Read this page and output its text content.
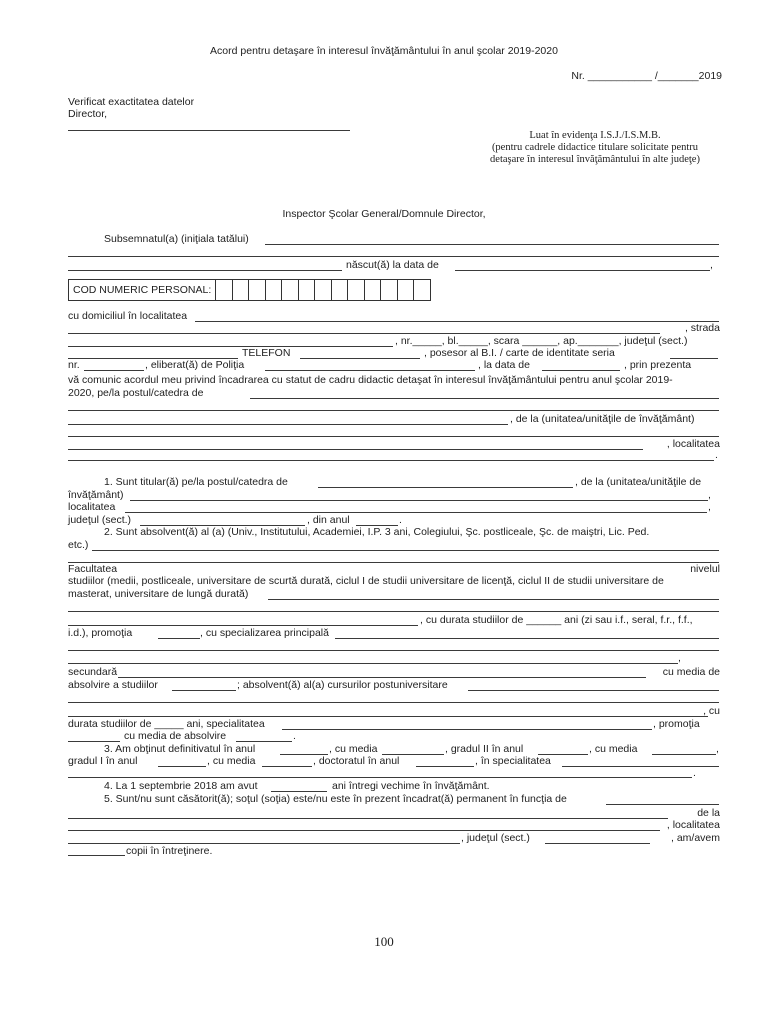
Acord pentru detaşare în interesul învăţământului în anul şcolar 2019-2020
Nr. ___________ /_______2019
Verificat exactitatea datelor
Director,
Luat în evidenţa I.S.J./I.S.M.B.
(pentru cadrele didactice titulare solicitate pentru
detaşare în interesul învăţământului în alte judeţe)
Inspector Şcolar General/Domnule Director,
Subsemnatul(a) (iniţiala tatălui)
născut(ă) la data de	,
COD NUMERIC PERSONAL:
cu domiciliul în localitatea
, strada
, nr._____, bl._____, scara ______, ap._______, judeţul (sect.)
TELEFON	, posesor al B.I. / carte de identitate seria
nr.	, eliberat(ă) de Poliţia	, la data de	, prin prezenta
vă comunic acordul meu privind încadrarea cu statut de cadru didactic detaşat în interesul învăţământului pentru anul şcolar 2019-
2020, pe/la postul/catedra de
, de la (unitatea/unităţile de învăţământ)
, localitatea
.
1. Sunt titular(ă) pe/la postul/catedra de	, de la (unitatea/unităţile de
învăţământ)	,
localitatea	,
judeţul (sect.)	, din anul	.
2. Sunt absolvent(ă) al (a) (Univ., Institutului, Academiei, I.P. 3 ani, Colegiului, Şc. postliceale, Şc. de maiştri, Lic. Ped.
etc.)
Facultatea	nivelul
studiilor (medii, postliceale, universitare de scurtă durată, ciclul I de studii universitare de licenţă, ciclul II de studii universitare de
masterat, universitare de lungă durată)
, cu durata studiilor de ______ ani (zi sau i.f., seral, f.r., f.f.,
i.d.), promoţia	, cu specializarea principală
,
secundară	cu media de
absolvire a studiilor	; absolvent(ă) al(a) cursurilor postuniversitare
, cu
durata studiilor de _____ ani, specialitatea	, promoţia
cu media de absolvire	.
3. Am obţinut definitivatul în anul	, cu media	, gradul II în anul	, cu media	,
gradul I în anul	, cu media	, doctoratul în anul	, în specialitatea
.
4. La 1 septembrie 2018 am avut	ani întregi vechime în învăţământ.
5. Sunt/nu sunt căsătorit(ă); soţul (soţia) este/nu este în prezent încadrat(ă) permanent în funcţia de
de la
, localitatea
, judeţul (sect.)	, am/avem
copii în întreţinere.
100
